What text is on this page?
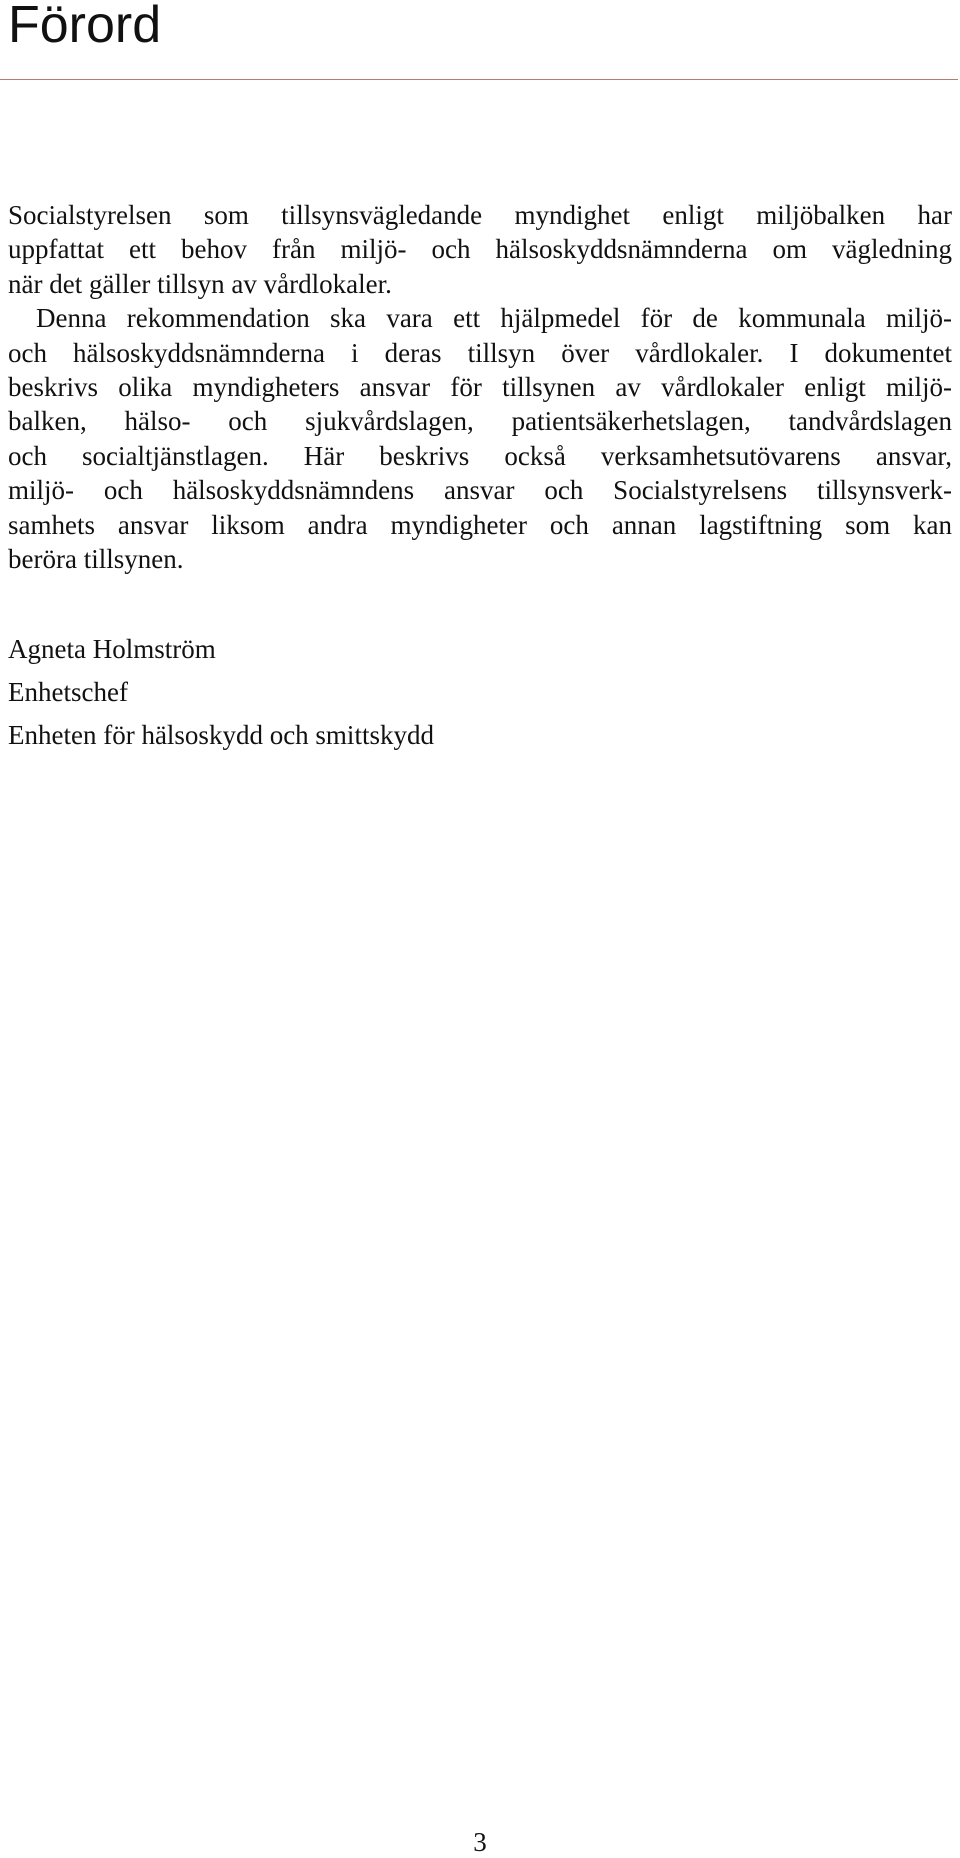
Förord
Socialstyrelsen som tillsynsvägledande myndighet enligt miljöbalken har
uppfattat ett behov från miljö- och hälsoskyddsnämnderna om vägledning
när det gäller tillsyn av vårdlokaler.
Denna rekommendation ska vara ett hjälpmedel för de kommunala miljö-
och hälsoskyddsnämnderna i deras tillsyn över vårdlokaler. I dokumentet
beskrivs olika myndigheters ansvar för tillsynen av vårdlokaler enligt miljö-
balken, hälso- och sjukvårdslagen, patientsäkerhetslagen, tandvårdslagen
och socialtjänstlagen. Här beskrivs också verksamhetsutövarens ansvar,
miljö- och hälsoskyddsnämndens ansvar och Socialstyrelsens tillsynsverk-
samhets ansvar liksom andra myndigheter och annan lagstiftning som kan
beröra tillsynen.
Agneta Holmström
Enhetschef
Enheten för hälsoskydd och smittskydd
3
